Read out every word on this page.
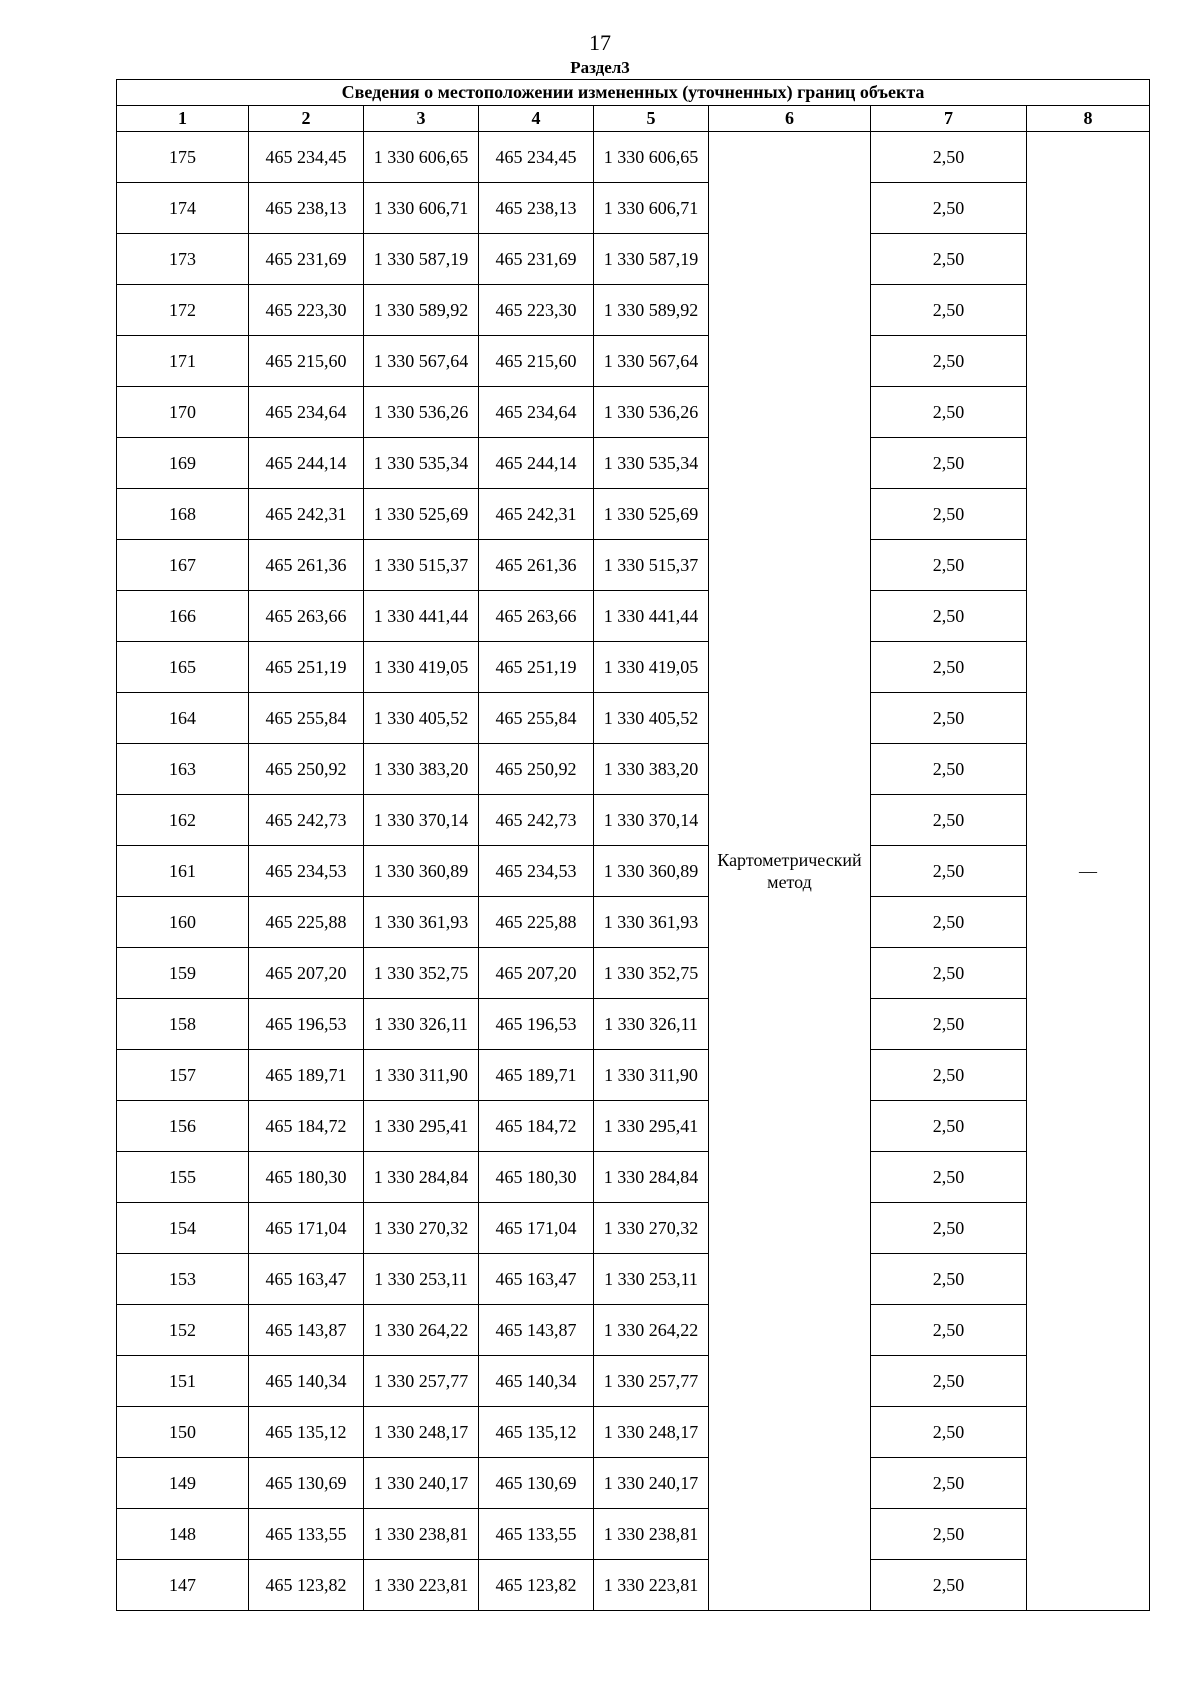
17
Раздел3
Сведения о местоположении измененных (уточненных) границ объекта							
1	2	3	4	5	6	7	8
175	465 234,45	1 330 606,65	465 234,45	1 330 606,65	Картометрический метод	2,50	—
174	465 238,13	1 330 606,71	465 238,13	1 330 606,71		2,50	
173	465 231,69	1 330 587,19	465 231,69	1 330 587,19		2,50	
172	465 223,30	1 330 589,92	465 223,30	1 330 589,92		2,50	
171	465 215,60	1 330 567,64	465 215,60	1 330 567,64		2,50	
170	465 234,64	1 330 536,26	465 234,64	1 330 536,26		2,50	
169	465 244,14	1 330 535,34	465 244,14	1 330 535,34		2,50	
168	465 242,31	1 330 525,69	465 242,31	1 330 525,69		2,50	
167	465 261,36	1 330 515,37	465 261,36	1 330 515,37		2,50	
166	465 263,66	1 330 441,44	465 263,66	1 330 441,44		2,50	
165	465 251,19	1 330 419,05	465 251,19	1 330 419,05		2,50	
164	465 255,84	1 330 405,52	465 255,84	1 330 405,52		2,50	
163	465 250,92	1 330 383,20	465 250,92	1 330 383,20		2,50	
162	465 242,73	1 330 370,14	465 242,73	1 330 370,14		2,50	
161	465 234,53	1 330 360,89	465 234,53	1 330 360,89		2,50	
160	465 225,88	1 330 361,93	465 225,88	1 330 361,93		2,50	
159	465 207,20	1 330 352,75	465 207,20	1 330 352,75		2,50	
158	465 196,53	1 330 326,11	465 196,53	1 330 326,11		2,50	
157	465 189,71	1 330 311,90	465 189,71	1 330 311,90		2,50	
156	465 184,72	1 330 295,41	465 184,72	1 330 295,41		2,50	
155	465 180,30	1 330 284,84	465 180,30	1 330 284,84		2,50	
154	465 171,04	1 330 270,32	465 171,04	1 330 270,32		2,50	
153	465 163,47	1 330 253,11	465 163,47	1 330 253,11		2,50	
152	465 143,87	1 330 264,22	465 143,87	1 330 264,22		2,50	
151	465 140,34	1 330 257,77	465 140,34	1 330 257,77		2,50	
150	465 135,12	1 330 248,17	465 135,12	1 330 248,17		2,50	
149	465 130,69	1 330 240,17	465 130,69	1 330 240,17		2,50	
148	465 133,55	1 330 238,81	465 133,55	1 330 238,81		2,50	
147	465 123,82	1 330 223,81	465 123,82	1 330 223,81		2,50	
